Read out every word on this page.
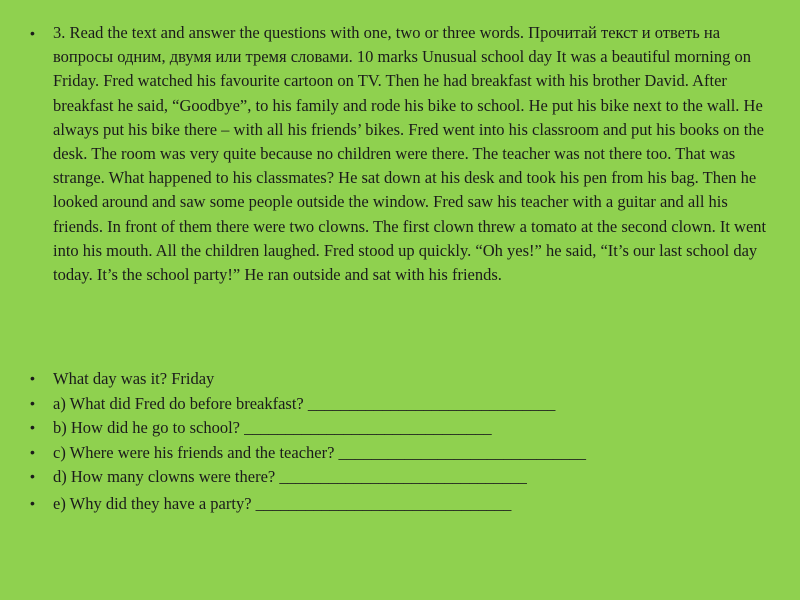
• 3. Read the text and answer the questions with one, two or three words. Прочитай текст и ответь на вопросы одним, двумя или тремя словами. 10 marks Unusual school day It was a beautiful morning on Friday. Fred watched his favourite cartoon on TV. Then he had breakfast with his brother David. After breakfast he said, “Goodbye”, to his family and rode his bike to school. He put his bike next to the wall. He always put his bike there – with all his friends’ bikes. Fred went into his classroom and put his books on the desk. The room was very quite because no children were there. The teacher was not there too. That was strange. What happened to his classmates? He sat down at his desk and took his pen from his bag. Then he looked around and saw some people outside the window. Fred saw his teacher with a guitar and all his friends. In front of them there were two clowns. The first clown threw a tomato at the second clown. It went into his mouth. All the children laughed. Fred stood up quickly. “Oh yes!” he said, “It’s our last school day today. It’s the school party!” He ran outside and sat with his friends.
• What day was it? Friday
• a) What did Fred do before breakfast? ______________________________
• b) How did he go to school? ______________________________
• c) Where were his friends and the teacher? ______________________________
• d) How many clowns were there? ______________________________
• e) Why did they have a party? _______________________________
